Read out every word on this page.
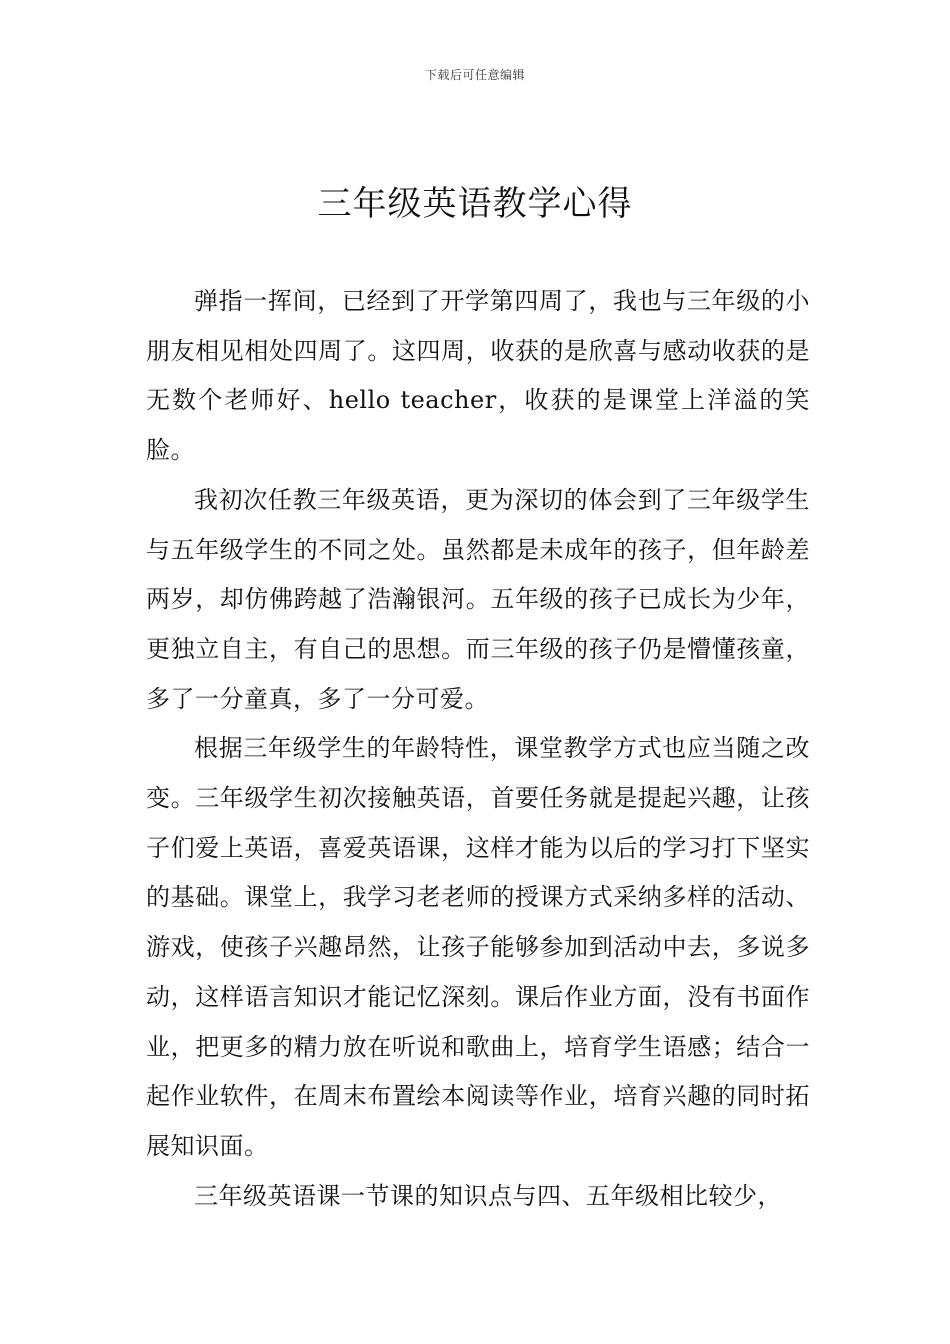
下载后可任意编辑
三年级英语教学心得

弹指一挥间，已经到了开学第四周了，我也与三年级的小朋友相见相处四周了。这四周，收获的是欣喜与感动收获的是无数个老师好、hello teacher，收获的是课堂上洋溢的笑脸。

我初次任教三年级英语，更为深切的体会到了三年级学生与五年级学生的不同之处。虽然都是未成年的孩子，但年龄差两岁，却仿佛跨越了浩瀚银河。五年级的孩子已成长为少年，更独立自主，有自己的思想。而三年级的孩子仍是懵懂孩童，多了一分童真，多了一分可爱。

根据三年级学生的年龄特性，课堂教学方式也应当随之改变。三年级学生初次接触英语，首要任务就是提起兴趣，让孩子们爱上英语，喜爱英语课，这样才能为以后的学习打下坚实的基础。课堂上，我学习老老师的授课方式采纳多样的活动、游戏，使孩子兴趣昂然，让孩子能够参加到活动中去，多说多动，这样语言知识才能记忆深刻。课后作业方面，没有书面作业，把更多的精力放在听说和歌曲上，培育学生语感；结合一起作业软件，在周末布置绘本阅读等作业，培育兴趣的同时拓展知识面。

三年级英语课一节课的知识点与四、五年级相比较少，
